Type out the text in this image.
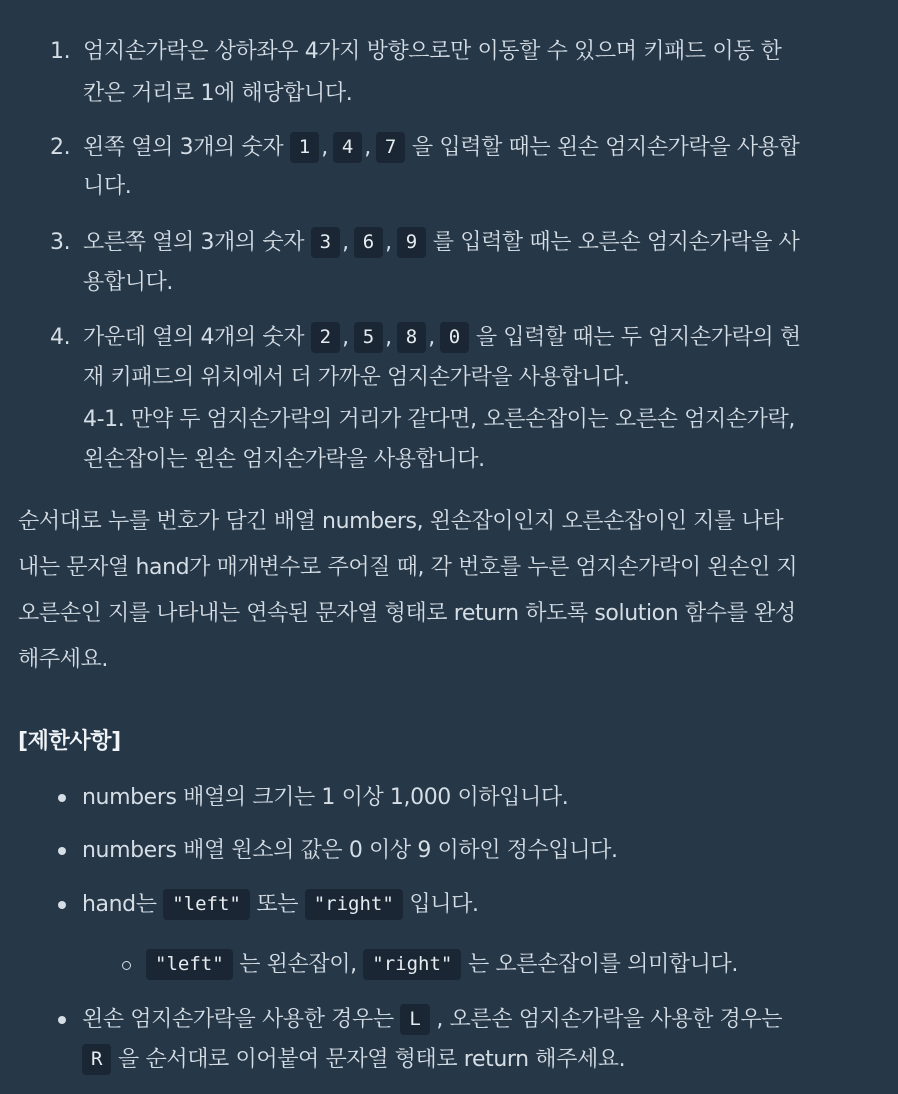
1. 엄지손가락은 상하좌우 4가지 방향으로만 이동할 수 있으며 키패드 이동 한
칸은 거리로 1에 해당합니다.
2. 왼쪽 열의 3개의 숫자 1 , 4 , 7 을 입력할 때는 왼손 엄지손가락을 사용합
니다.
3. 오른쪽 열의 3개의 숫자 3 , 6 , 9 를 입력할 때는 오른손 엄지손가락을 사
용합니다.
4. 가운데 열의 4개의 숫자 2 , 5 , 8 , 0 을 입력할 때는 두 엄지손가락의 현
재 키패드의 위치에서 더 가까운 엄지손가락을 사용합니다.
4-1. 만약 두 엄지손가락의 거리가 같다면, 오른손잡이는 오른손 엄지손가락,
왼손잡이는 왼손 엄지손가락을 사용합니다.
순서대로 누를 번호가 담긴 배열 numbers, 왼손잡이인지 오른손잡이인 지를 나타
내는 문자열 hand가 매개변수로 주어질 때, 각 번호를 누른 엄지손가락이 왼손인 지
오른손인 지를 나타내는 연속된 문자열 형태로 return 하도록 solution 함수를 완성
해주세요.
[제한사항]
numbers 배열의 크기는 1 이상 1,000 이하입니다.
numbers 배열 원소의 값은 0 이상 9 이하인 정수입니다.
hand는 "left" 또는 "right" 입니다.
"left" 는 왼손잡이, "right" 는 오른손잡이를 의미합니다.
왼손 엄지손가락을 사용한 경우는 L , 오른손 엄지손가락을 사용한 경우는
R 을 순서대로 이어붙여 문자열 형태로 return 해주세요.
